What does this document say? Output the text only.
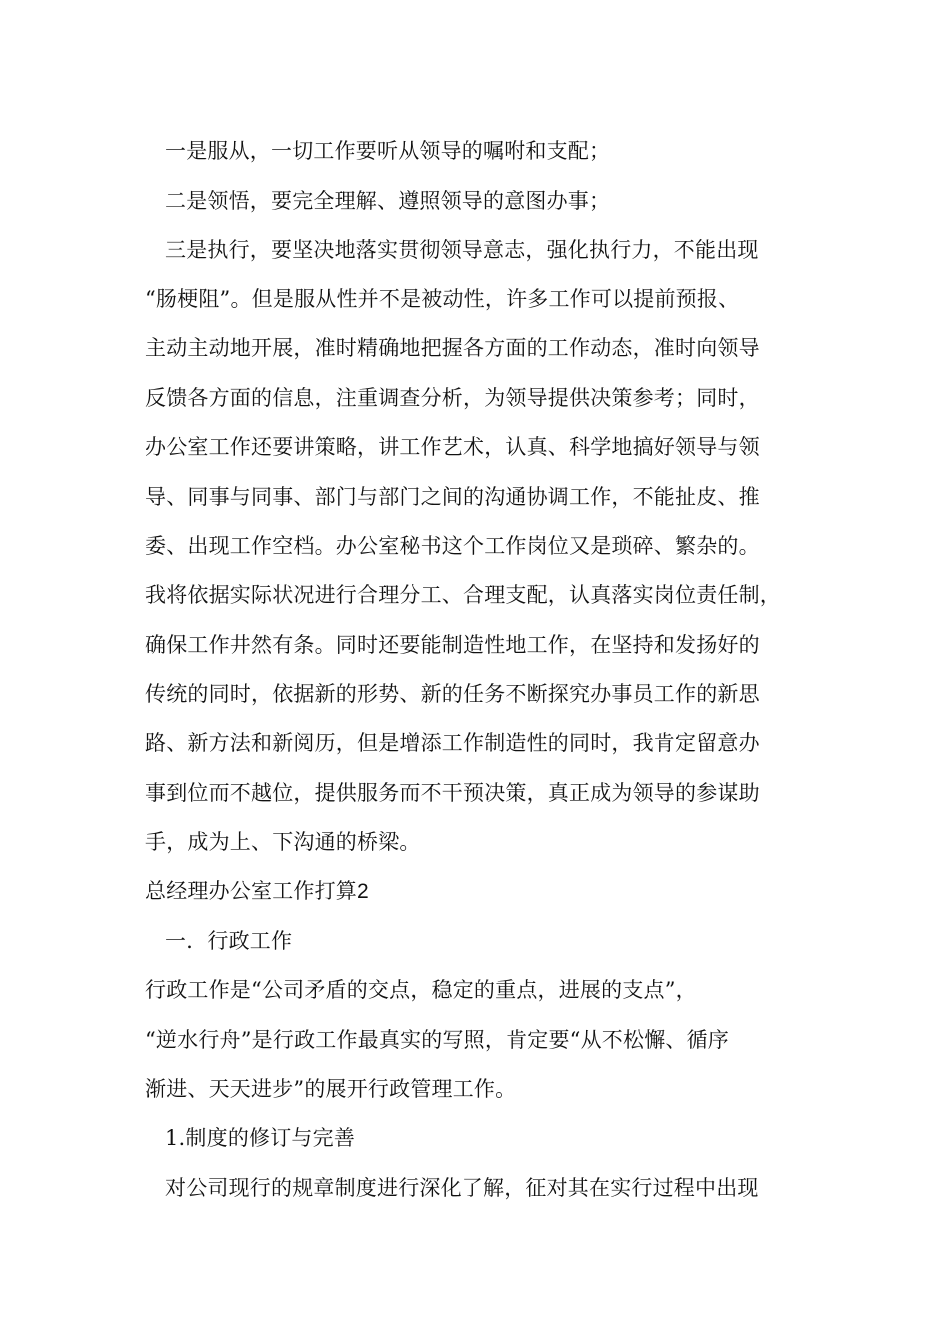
一是服从，一切工作要听从领导的嘱咐和支配；
二是领悟，要完全理解、遵照领导的意图办事；
三是执行，要坚决地落实贯彻领导意志，强化执行力，不能出现
“肠梗阻”。但是服从性并不是被动性，许多工作可以提前预报、
主动主动地开展，准时精确地把握各方面的工作动态，准时向领导
反馈各方面的信息，注重调查分析，为领导提供决策参考；同时，
办公室工作还要讲策略，讲工作艺术，认真、科学地搞好领导与领
导、同事与同事、部门与部门之间的沟通协调工作，不能扯皮、推
委、出现工作空档。办公室秘书这个工作岗位又是琐碎、繁杂的。
我将依据实际状况进行合理分工、合理支配，认真落实岗位责任制，
确保工作井然有条。同时还要能制造性地工作，在坚持和发扬好的
传统的同时，依据新的形势、新的任务不断探究办事员工作的新思
路、新方法和新阅历，但是增添工作制造性的同时，我肯定留意办
事到位而不越位，提供服务而不干预决策，真正成为领导的参谋助
手，成为上、下沟通的桥梁。
总经理办公室工作打算2
一．行政工作
行政工作是“公司矛盾的交点，稳定的重点，进展的支点”，
“逆水行舟”是行政工作最真实的写照，肯定要“从不松懈、循序
渐进、天天进步”的展开行政管理工作。
1.制度的修订与完善
对公司现行的规章制度进行深化了解，征对其在实行过程中出现
